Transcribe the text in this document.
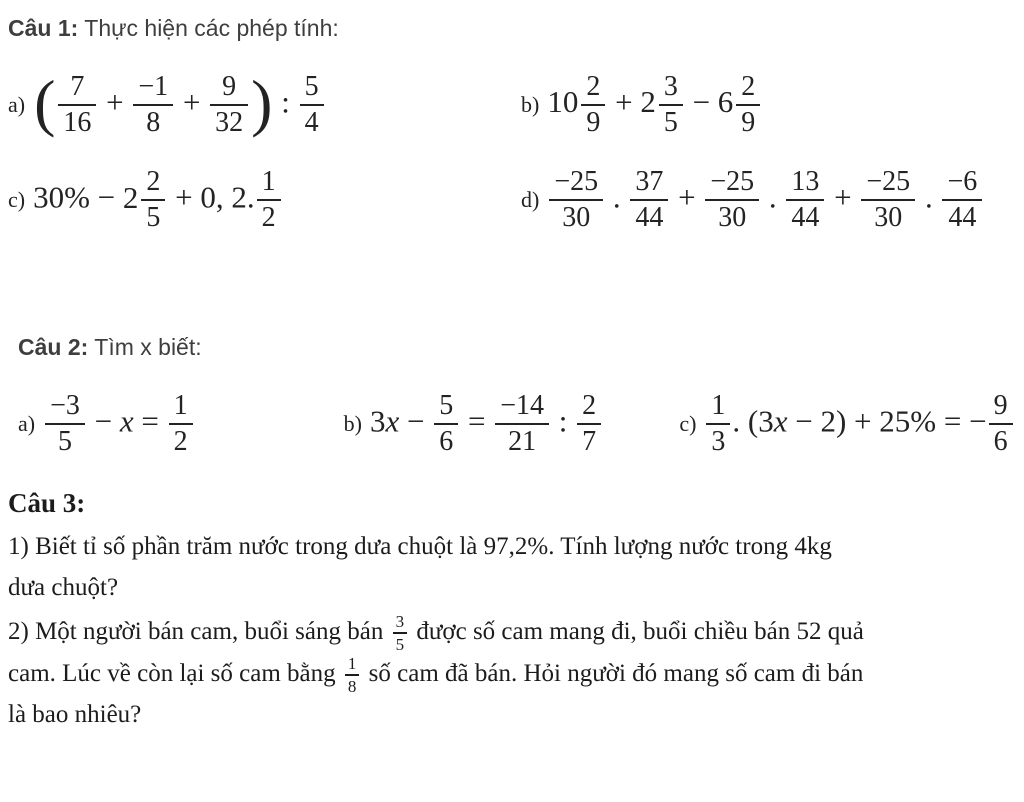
Câu 1: Thực hiện các phép tính:
a) ( $\frac{7}{16} + \frac{-1}{8} + \frac{9}{32}$ ) : $\frac{5}{4}$	b) $10 \frac{2}{9} + 2 \frac{3}{5} - 6 \frac{2}{9}$
c) $30\% - 2 \frac{2}{5} + 0$, 2. $\frac{1}{2}$	$d) \frac{-25}{30}$ . $\frac{37}{44} + \frac{-25}{30}$ . $\frac{13}{44} + \frac{-25}{30}$ . $\frac{-6}{44}$
Câu 2: Tìm x biết:
$a) \frac{-3}{5} - x = \frac{1}{2}$	b) $3x - \frac{5}{6} = \frac{-14}{21}$ : $\frac{2}{7}$	$c) \frac{1}{3}$ . (3x − 2) + 25% = − $\frac{9}{6}$
Câu 3:

1) Biết tỉ số phần trăm nước trong dưa chuột là 97,2%. Tính lượng nước trong 4kg
dưa chuột?

2) Một người bán cam, buổi sáng bán $\frac{3}{5}$ được số cam mang đi, buổi chiều bán 52 quả
cam. Lúc về còn lại số cam bằng $\frac{1}{8}$ số cam đã bán. Hỏi người đó mang số cam đi bán
là bao nhiêu?
